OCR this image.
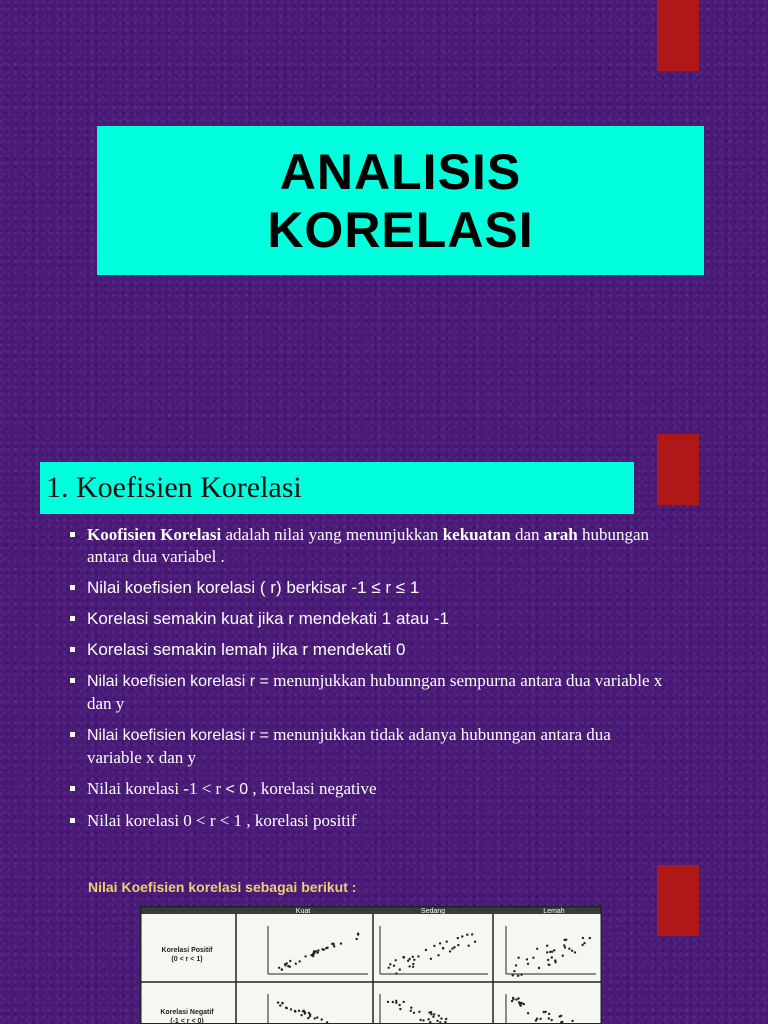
ANALISIS
KORELASI
1. Koefisien Korelasi
Koofisien Korelasi adalah nilai yang menunjukkan kekuatan dan arah hubungan antara dua variabel .
Nilai koefisien korelasi ( r) berkisar -1 ≤ r ≤ 1
Korelasi semakin kuat jika r mendekati 1 atau -1
Korelasi semakin lemah jika r mendekati 0
Nilai koefisien korelasi r = menunjukkan hubunngan sempurna antara dua variable x dan y
Nilai koefisien korelasi r = menunjukkan tidak adanya hubunngan antara dua variable x dan y
Nilai korelasi -1 < r < 0 , korelasi negative
Nilai korelasi 0 < r < 1 , korelasi positif
Nilai Koefisien korelasi sebagai berikut :
Kuat	Sedang	Lemah
Korelasi Positif
(0 < r < 1)
Korelasi Negatif
(-1 < r < 0)
